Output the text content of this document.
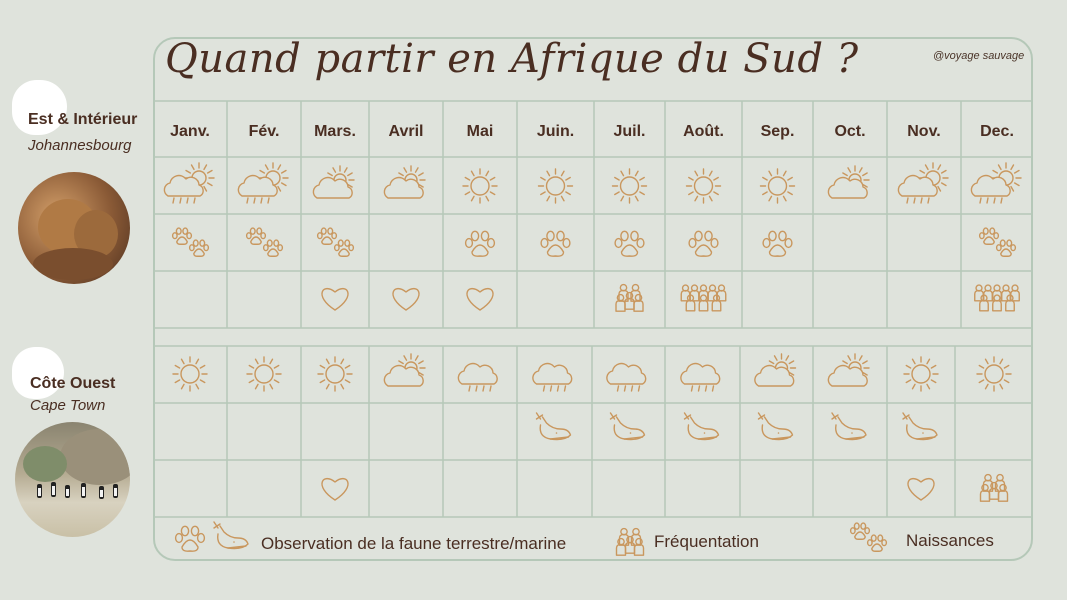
Quand partir en Afrique du Sud ?	@voyage sauvage
Janv. Fév. Mars. Avril	Mai	Juin. Juil. Août. Sep.	Oct.	Nov. Dec.
Est & Intérieur
Johannesbourg
Côte Ouest
Cape Town
Observation de la faune terrestre/marine	Fréquentation	Naissances
